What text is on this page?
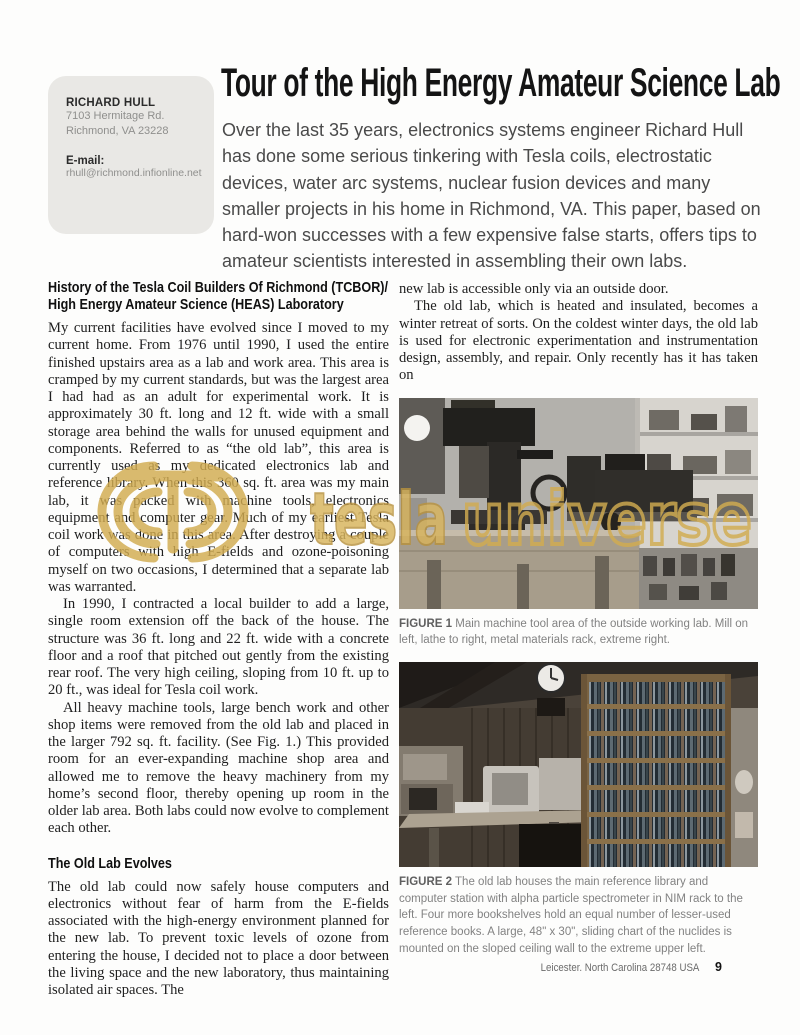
RICHARD HULL
7103 Hermitage Rd.
Richmond, VA 23228
E-mail:
rhull@richmond.infionline.net
Tour of the High Energy Amateur Science Lab
Over the last 35 years, electronics systems engineer Richard Hull has done some serious tinkering with Tesla coils, electrostatic devices, water arc systems, nuclear fusion devices and many smaller projects in his home in Richmond, VA. This paper, based on hard-won successes with a few expensive false starts, offers tips to amateur scientists interested in assembling their own labs.
History of the Tesla Coil Builders Of Richmond (TCBOR)/
High Energy Amateur Science (HEAS) Laboratory

My current facilities have evolved since I moved to my current home. From 1976 until 1990, I used the entire finished upstairs area as a lab and work area. This area is cramped by my current standards, but was the largest area I had had as an adult for experimental work. It is approximately 30 ft. long and 12 ft. wide with a small storage area behind the walls for unused equipment and components. Referred to as “the old lab”, this area is currently used as my dedicated electronics lab and reference library. When this 360 sq. ft. area was my main lab, it was packed with machine tools, electronics equipment and computer gear. Much of my earliest Tesla coil work was done in this area. After destroying a couple of computers with high E-fields and ozone-poisoning myself on two occasions, I determined that a separate lab was warranted.

In 1990, I contracted a local builder to add a large, single room extension off the back of the house. The structure was 36 ft. long and 22 ft. wide with a concrete floor and a roof that pitched out gently from the existing rear roof. The very high ceiling, sloping from 10 ft. up to 20 ft., was ideal for Tesla coil work.

All heavy machine tools, large bench work and other shop items were removed from the old lab and placed in the larger 792 sq. ft. facility. (See Fig. 1.) This provided room for an ever-expanding machine shop area and allowed me to remove the heavy machinery from my home’s second floor, thereby opening up room in the older lab area. Both labs could now evolve to complement each other.

The Old Lab Evolves

The old lab could now safely house computers and electronics without fear of harm from the E-fields associated with the high-energy environment planned for the new lab. To prevent toxic levels of ozone from entering the house, I decided not to place a door between the living space and the new laboratory, thus maintaining isolated air spaces. The

new lab is accessible only via an outside door.

The old lab, which is heated and insulated, becomes a winter retreat of sorts. On the coldest winter days, the old lab is used for electronic experimentation and instrumentation design, assembly, and repair. Only recently has it has taken on

FIGURE 1 Main machine tool area of the outside working lab. Mill on left, lathe to right, metal materials rack, extreme right.
FIGURE 2 The old lab houses the main reference library and computer station with alpha particle spectrometer in NIM rack to the left. Four more bookshelves hold an equal number of lesser-used reference books. A large, 48" x 30", sliding chart of the nuclides is mounted on the sloped ceiling wall to the extreme upper left.
tesla universe
Leicester. North Carolina 28748 USA 9
